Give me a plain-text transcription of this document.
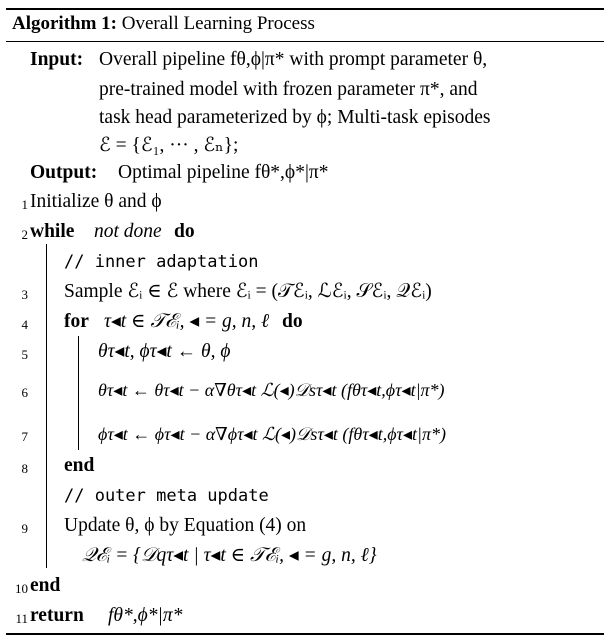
Algorithm 1: Overall Learning Process
Input: Overall pipeline fθ,ϕ|π* with prompt parameter θ,
pre-trained model with frozen parameter π*, and
task head parameterized by ϕ; Multi-task episodes
ℰ = {ℰ₁, ··· , ℰₙ};
Output: Optimal pipeline fθ*,ϕ*|π*
1 Initialize θ and ϕ
2 while not done do
// inner adaptation
3 Sample ℰᵢ ∈ ℰ where ℰᵢ = (𝒯ℰᵢ, ℒℰᵢ, 𝒮ℰᵢ, 𝒬ℰᵢ)
4 for τ◂t ∈ 𝒯ℰᵢ, ◂ = g, n, ℓ do
5	θτ◂t, ϕτ◂t ← θ, ϕ
6	θτ◂t ← θτ◂t − α∇θτ◂t ℒ(◂)𝒟sτ◂t (fθτ◂t,ϕτ◂t|π*)
7	ϕτ◂t ← ϕτ◂t − α∇ϕτ◂t ℒ(◂)𝒟sτ◂t (fθτ◂t,ϕτ◂t|π*)
8 end
// outer meta update
9 Update θ, ϕ by Equation (4) on
𝒬ℰᵢ = {𝒟qτ◂t | τ◂t ∈ 𝒯ℰᵢ, ◂ = g, n, ℓ}
10 end
11 return fθ*,ϕ*|π*
